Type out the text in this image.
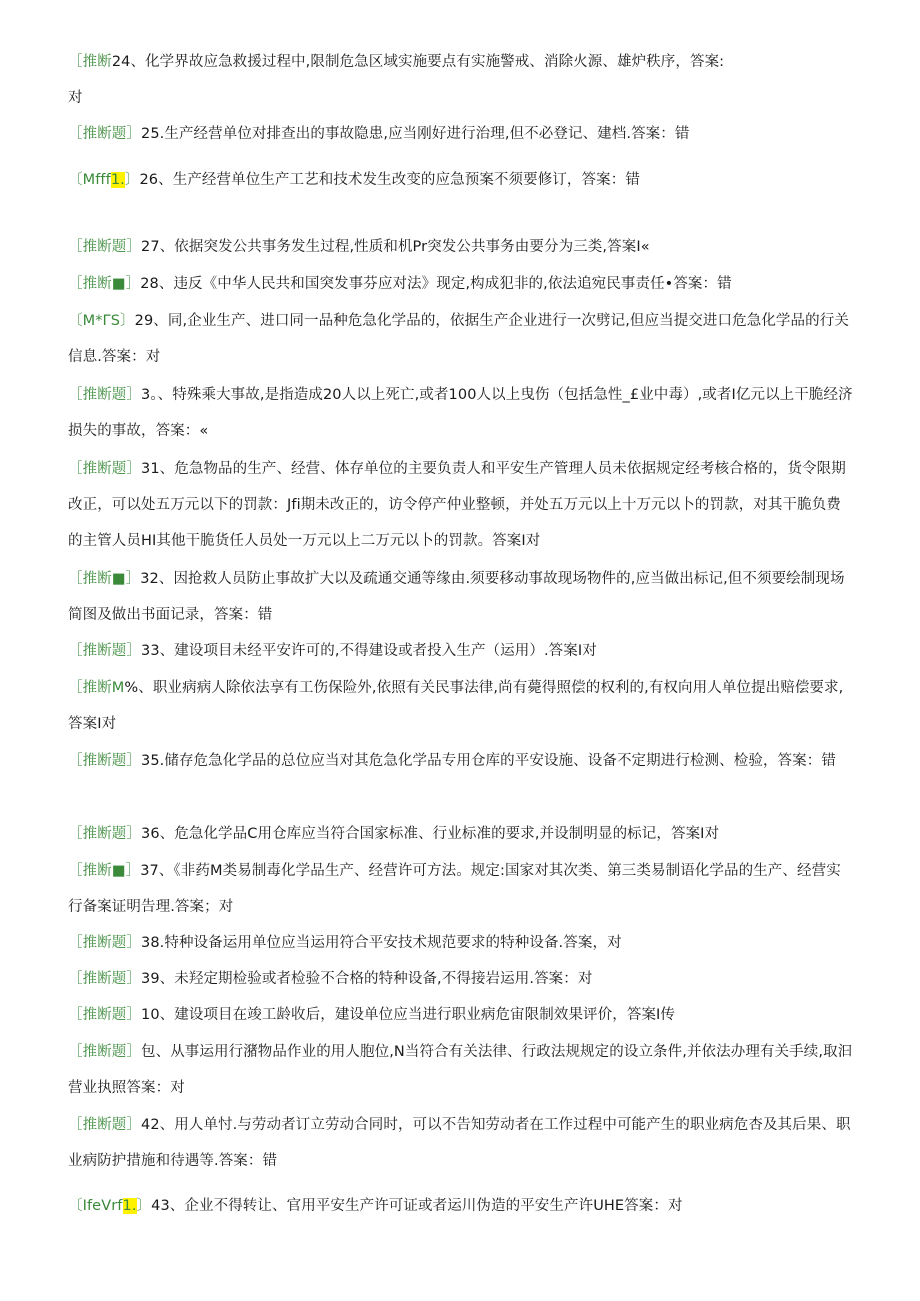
［推断24、化学界故应急救援过程中,限制危急区域实施要点有实施警戒、消除火源、雄炉秩序，答案:

对

［推断题］25.生产经营单位对排查出的事故隐患,应当刚好进行治理,但不必登记、建档.答案：错

〔Mfff1.〕26、生产经营单位生产工艺和技术发生改变的应急预案不须要修订，答案：错

［推断题］27、依据突发公共事务发生过程,性质和机Pr突发公共事务由要分为三类,答案I«

［推断■］28、违反《中华人民共和国突发事芬应对法》现定,构成犯非的,依法追宛民事责任•答案：错

〔M*ΓS〕29、同,企业生产、进口同一品种危急化学品的，依据生产企业进行一次劈记,但应当提交进口危急化学品的行关信息.答案：对

［推断题］3。、特殊乘大事故,是指造成20人以上死亡,或者100人以上曳伤（包括急性_£业中毒）,或者I亿元以上干脆经济损失的事故，答案：«

［推断题］31、危急物品的生产、经营、体存单位的主要负责人和平安生产管理人员未依据规定经考核合格的，货令限期改正，可以处五万元以下的罚款：Jfi期未改正的，访令停产仲业整顿，并处五万元以上十万元以卜的罚款，对其干脆负费的主管人员HI其他干脆货任人员处一万元以上二万元以卜的罚款。答案I对

［推断■］32、因抢救人员防止事故扩大以及疏通交通等缘由.须要移动事故现场物件的,应当做出标记,但不须要绘制现场简图及做出书面记录，答案：错

［推断题］33、建设项目未经平安许可的,不得建设或者投入生产（运用）.答案I对

［推断M%、职业病病人除依法享有工伤保险外,依照有关民事法律,尚有薨得照偿的权利的,有权向用人单位提出赔偿要求,答案I对

［推断题］35.储存危急化学品的总位应当对其危急化学品专用仓库的平安设施、设备不定期进行检测、检验，答案：错

［推断题］36、危急化学品C用仓库应当符合国家标准、行业标准的要求,并设制明显的标记，答案I对

［推断■］37、《非药M类易制毒化学品生产、经营许可方法。规定:国家对其次类、第三类易制语化学品的生产、经营实行备案证明告理.答案；对

［推断题］38.特种设备运用单位应当运用符合平安技术规范要求的特种设备.答案，对

［推断题］39、未羟定期检验或者检验不合格的特种设备,不得接岩运用.答案：对

［推断题］10、建设项目在竣工龄收后，建设单位应当进行职业病危宙限制效果评价，答案I传

［推断题］包、从事运用行潴物品作业的用人胞位,N当符合有关法律、行政法规规定的设立条件,并依法办理有关手续,取汩营业执照答案：对

［推断题］42、用人单忖.与劳动者订立劳动合同时，可以不告知劳动者在工作过程中可能产生的职业病危杏及其后果、职业病防护措施和待遇等.答案：错

〔IfeVrf1.〕43、企业不得转让、官用平安生产许可证或者运川伪造的平安生产许UHE答案：对
